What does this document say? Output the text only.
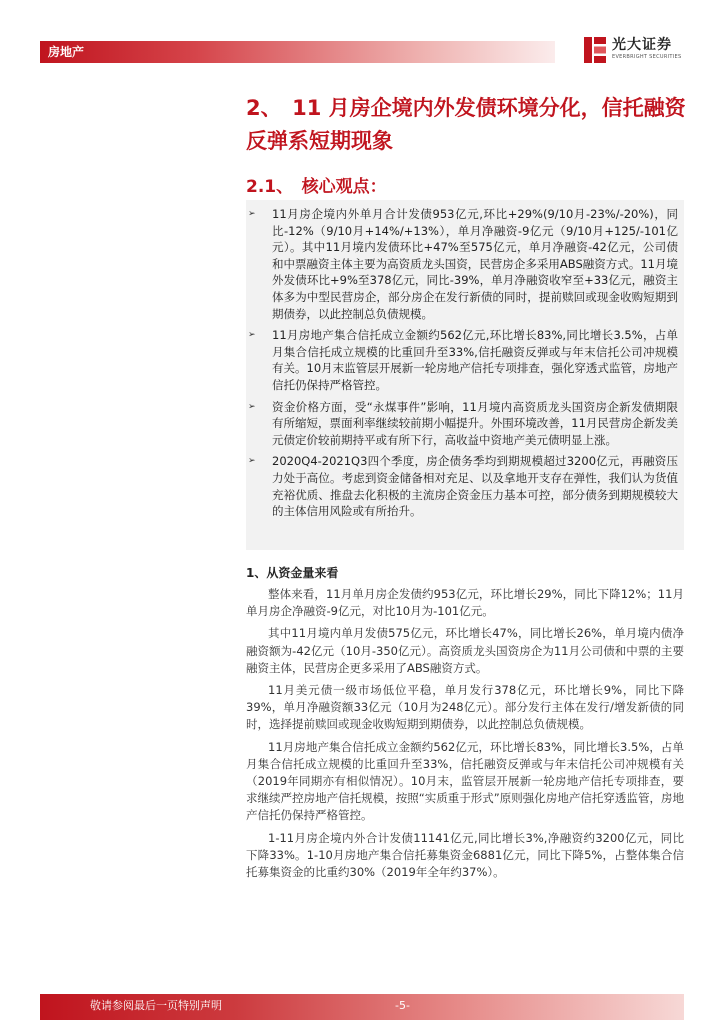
房地产	光大证券
EVERBRIGHT SECURITIES
2、　11 月房企境内外发债环境分化，信托融资反弹系短期现象
2.1、　核心观点：
➢ 11月房企境内外单月合计发债953亿元,环比+29%(9/10月-23%/-20%)，同比-12%（9/10月+14%/+13%），单月净融资-9亿元（9/10月+125/-101亿元）。其中11月境内发债环比+47%至575亿元，单月净融资-42亿元，公司债和中票融资主体主要为高资质龙头国资，民营房企多采用ABS融资方式。11月境外发债环比+9%至378亿元，同比-39%，单月净融资收窄至+33亿元，融资主体多为中型民营房企，部分房企在发行新债的同时，提前赎回或现金收购短期到期债券，以此控制总负债规模。
➢ 11月房地产集合信托成立金额约562亿元,环比增长83%,同比增长3.5%，占单月集合信托成立规模的比重回升至33%,信托融资反弹或与年末信托公司冲规模有关。10月末监管层开展新一轮房地产信托专项排查，强化穿透式监管，房地产信托仍保持严格管控。
➢ 资金价格方面，受“永煤事件”影响，11月境内高资质龙头国资房企新发债期限有所缩短，票面利率继续较前期小幅提升。外围环境改善，11月民营房企新发美元债定价较前期持平或有所下行，高收益中资地产美元债明显上涨。
➢ 2020Q4-2021Q3四个季度，房企债务季均到期规模超过3200亿元，再融资压力处于高位。考虑到资金储备相对充足、以及拿地开支存在弹性，我们认为货值充裕优质、推盘去化积极的主流房企资金压力基本可控，部分债务到期规模较大的主体信用风险或有所抬升。

1、从资金量来看

整体来看，11月单月房企发债约953亿元，环比增长29%，同比下降12%；11月单月房企净融资-9亿元，对比10月为-101亿元。

其中11月境内单月发债575亿元，环比增长47%，同比增长26%，单月境内债净融资额为-42亿元（10月-350亿元）。高资质龙头国资房企为11月公司债和中票的主要融资主体，民营房企更多采用了ABS融资方式。

11月美元债一级市场低位平稳，单月发行378亿元，环比增长9%，同比下降39%，单月净融资额33亿元（10月为248亿元）。部分发行主体在发行/增发新债的同时，选择提前赎回或现金收购短期到期债券，以此控制总负债规模。

11月房地产集合信托成立金额约562亿元，环比增长83%，同比增长3.5%，占单月集合信托成立规模的比重回升至33%，信托融资反弹或与年末信托公司冲规模有关（2019年同期亦有相似情况）。10月末，监管层开展新一轮房地产信托专项排查，要求继续严控房地产信托规模，按照“实质重于形式”原则强化房地产信托穿透监管，房地产信托仍保持严格管控。

1-11月房企境内外合计发债11141亿元,同比增长3%,净融资约3200亿元，同比下降33%。1-10月房地产集合信托募集资金6881亿元，同比下降5%，占整体集合信托募集资金的比重约30%（2019年全年约37%）。

敬请参阅最后一页特别声明	-5-
